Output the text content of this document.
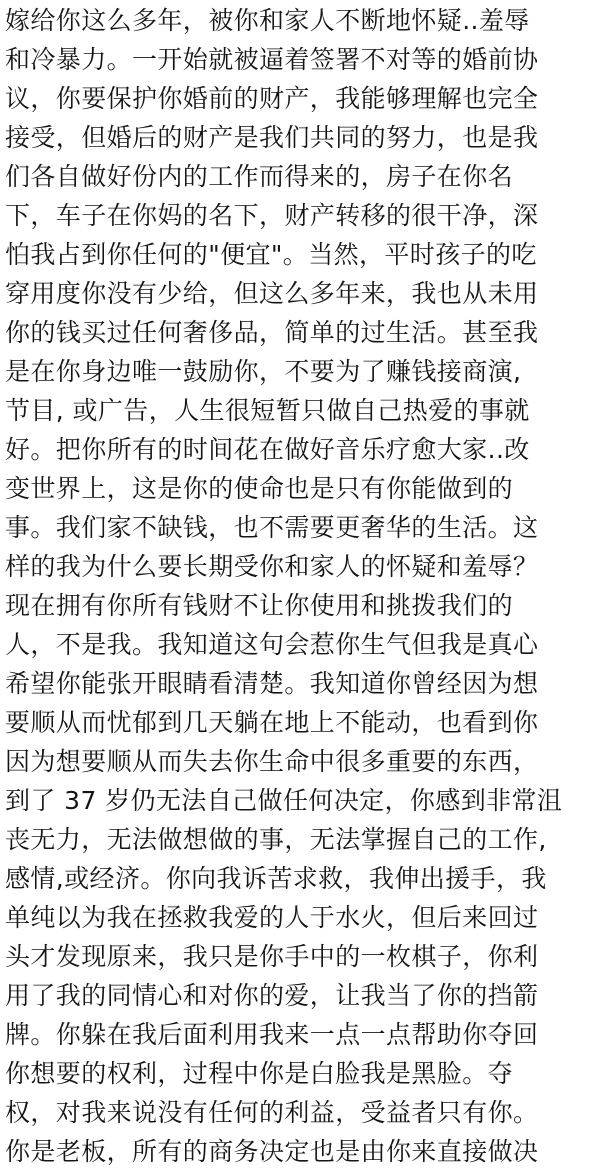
嫁给你这么多年，被你和家人不断地怀疑..羞辱
和冷暴力。一开始就被逼着签署不对等的婚前协
议，你要保护你婚前的财产，我能够理解也完全
接受，但婚后的财产是我们共同的努力，也是我
们各自做好份内的工作而得来的，房子在你名
下，车子在你妈的名下，财产转移的很干净，深
怕我占到你任何的"便宜"。当然，平时孩子的吃
穿用度你没有少给，但这么多年来，我也从未用
你的钱买过任何奢侈品，简单的过生活。甚至我
是在你身边唯一鼓励你，不要为了赚钱接商演,
节目, 或广告，人生很短暂只做自己热爱的事就
好。把你所有的时间花在做好音乐疗愈大家..改
变世界上，这是你的使命也是只有你能做到的
事。我们家不缺钱，也不需要更奢华的生活。这
样的我为什么要长期受你和家人的怀疑和羞辱？
现在拥有你所有钱财不让你使用和挑拨我们的
人，不是我。我知道这句会惹你生气但我是真心
希望你能张开眼睛看清楚。我知道你曾经因为想
要顺从而忧郁到几天躺在地上不能动，也看到你
因为想要顺从而失去你生命中很多重要的东西，
到了 37 岁仍无法自己做任何决定，你感到非常沮
丧无力，无法做想做的事，无法掌握自己的工作,
感情,或经济。你向我诉苦求救，我伸出援手，我
单纯以为我在拯救我爱的人于水火，但后来回过
头才发现原来，我只是你手中的一枚棋子，你利
用了我的同情心和对你的爱，让我当了你的挡箭
牌。你躲在我后面利用我来一点一点帮助你夺回
你想要的权利，过程中你是白脸我是黑脸。夺
权，对我来说没有任何的利益，受益者只有你。
你是老板，所有的商务决定也是由你来直接做决
